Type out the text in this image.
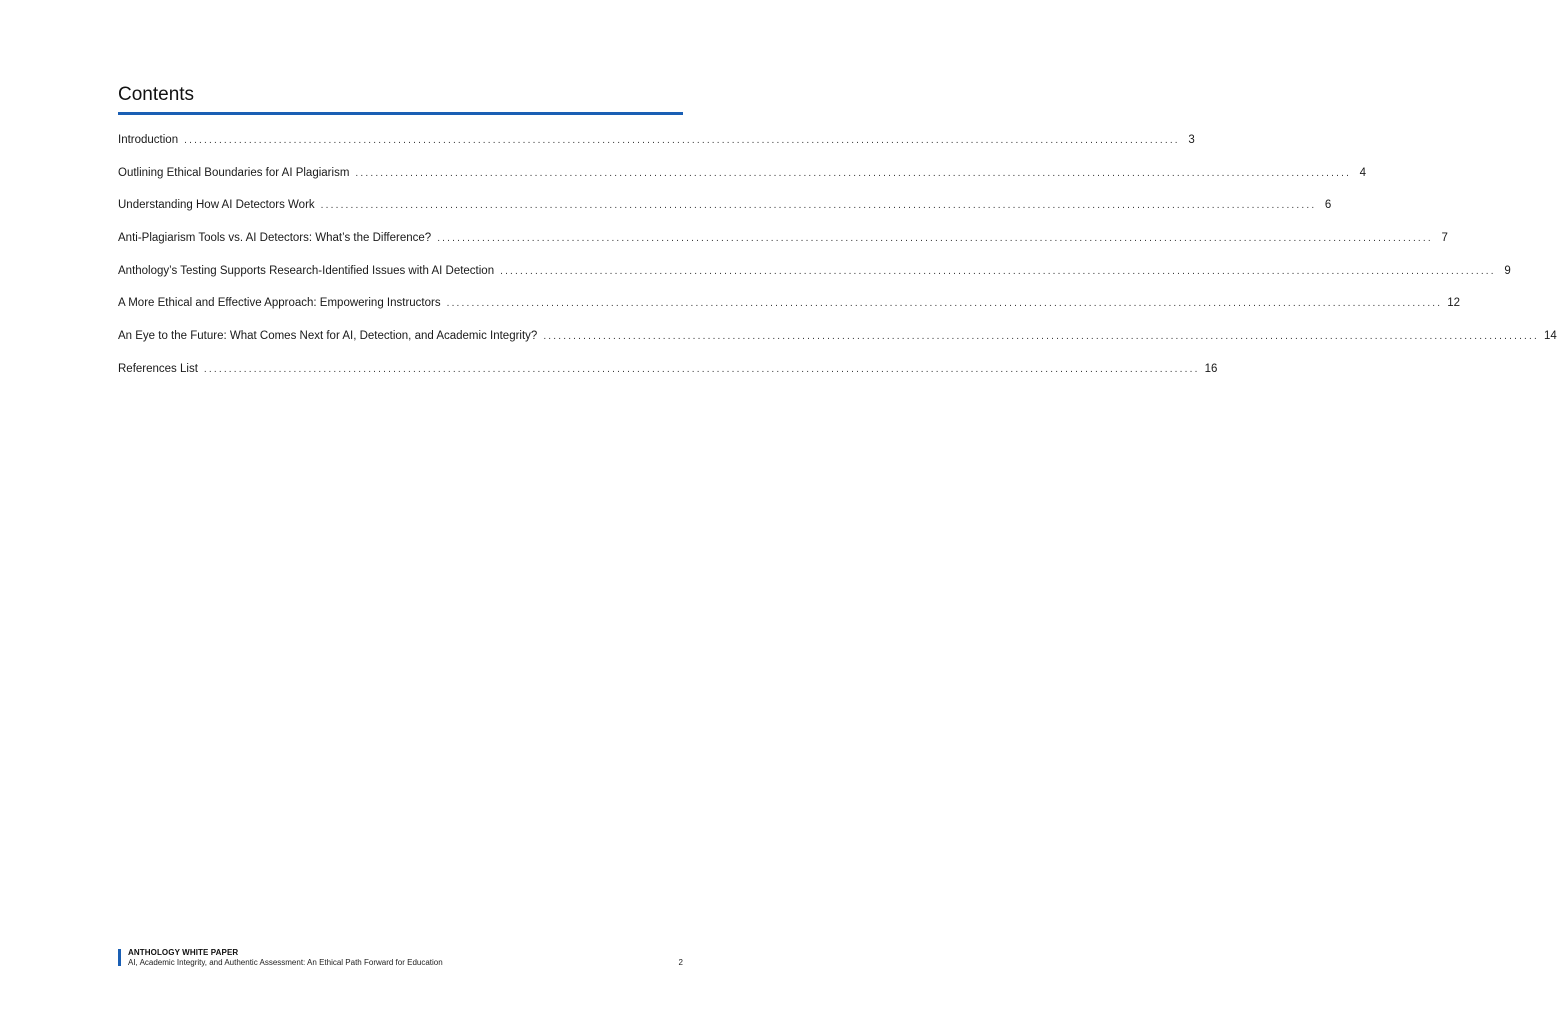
Contents
Introduction ........................................................................................................................................................................................................ 3
Outlining Ethical Boundaries for AI Plagiarism ........................................................................................................................................................................................................ 4
Understanding How AI Detectors Work ........................................................................................................................................................................................................ 6
Anti-Plagiarism Tools vs. AI Detectors: What’s the Difference? ........................................................................................................................................................................................................ 7
Anthology’s Testing Supports Research-Identified Issues with AI Detection ........................................................................................................................................................................................................ 9
A More Ethical and Effective Approach: Empowering Instructors ........................................................................................................................................................................................................ 12
An Eye to the Future: What Comes Next for AI, Detection, and Academic Integrity? ........................................................................................................................................................................................................ 14
References List ........................................................................................................................................................................................................ 16
ANTHOLOGY WHITE PAPER
AI, Academic Integrity, and Authentic Assessment: An Ethical Path Forward for Education	2
